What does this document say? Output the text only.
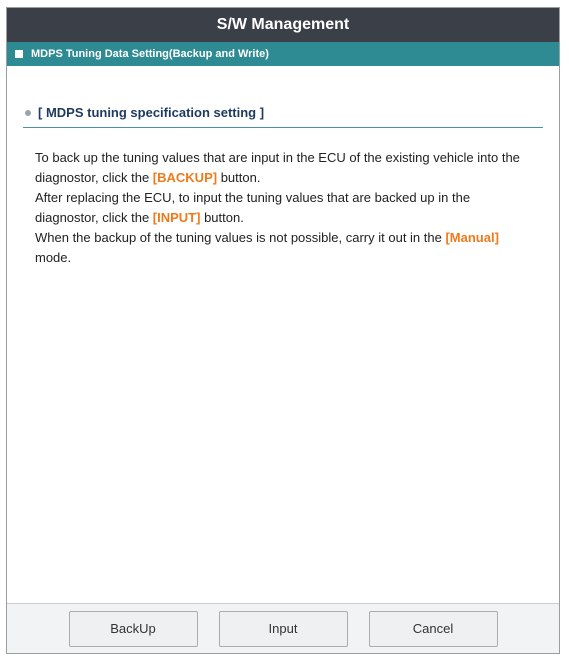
S/W Management
MDPS Tuning Data Setting(Backup and Write)
[ MDPS tuning specification setting ]

To back up the tuning values that are input in the ECU of the existing vehicle into the diagnostor, click the [BACKUP] button.

After replacing the ECU, to input the tuning values that are backed up in the diagnostor, click the [INPUT] button.

When the backup of the tuning values is not possible, carry it out in the [Manual] mode.

BackUp	Input	Cancel
